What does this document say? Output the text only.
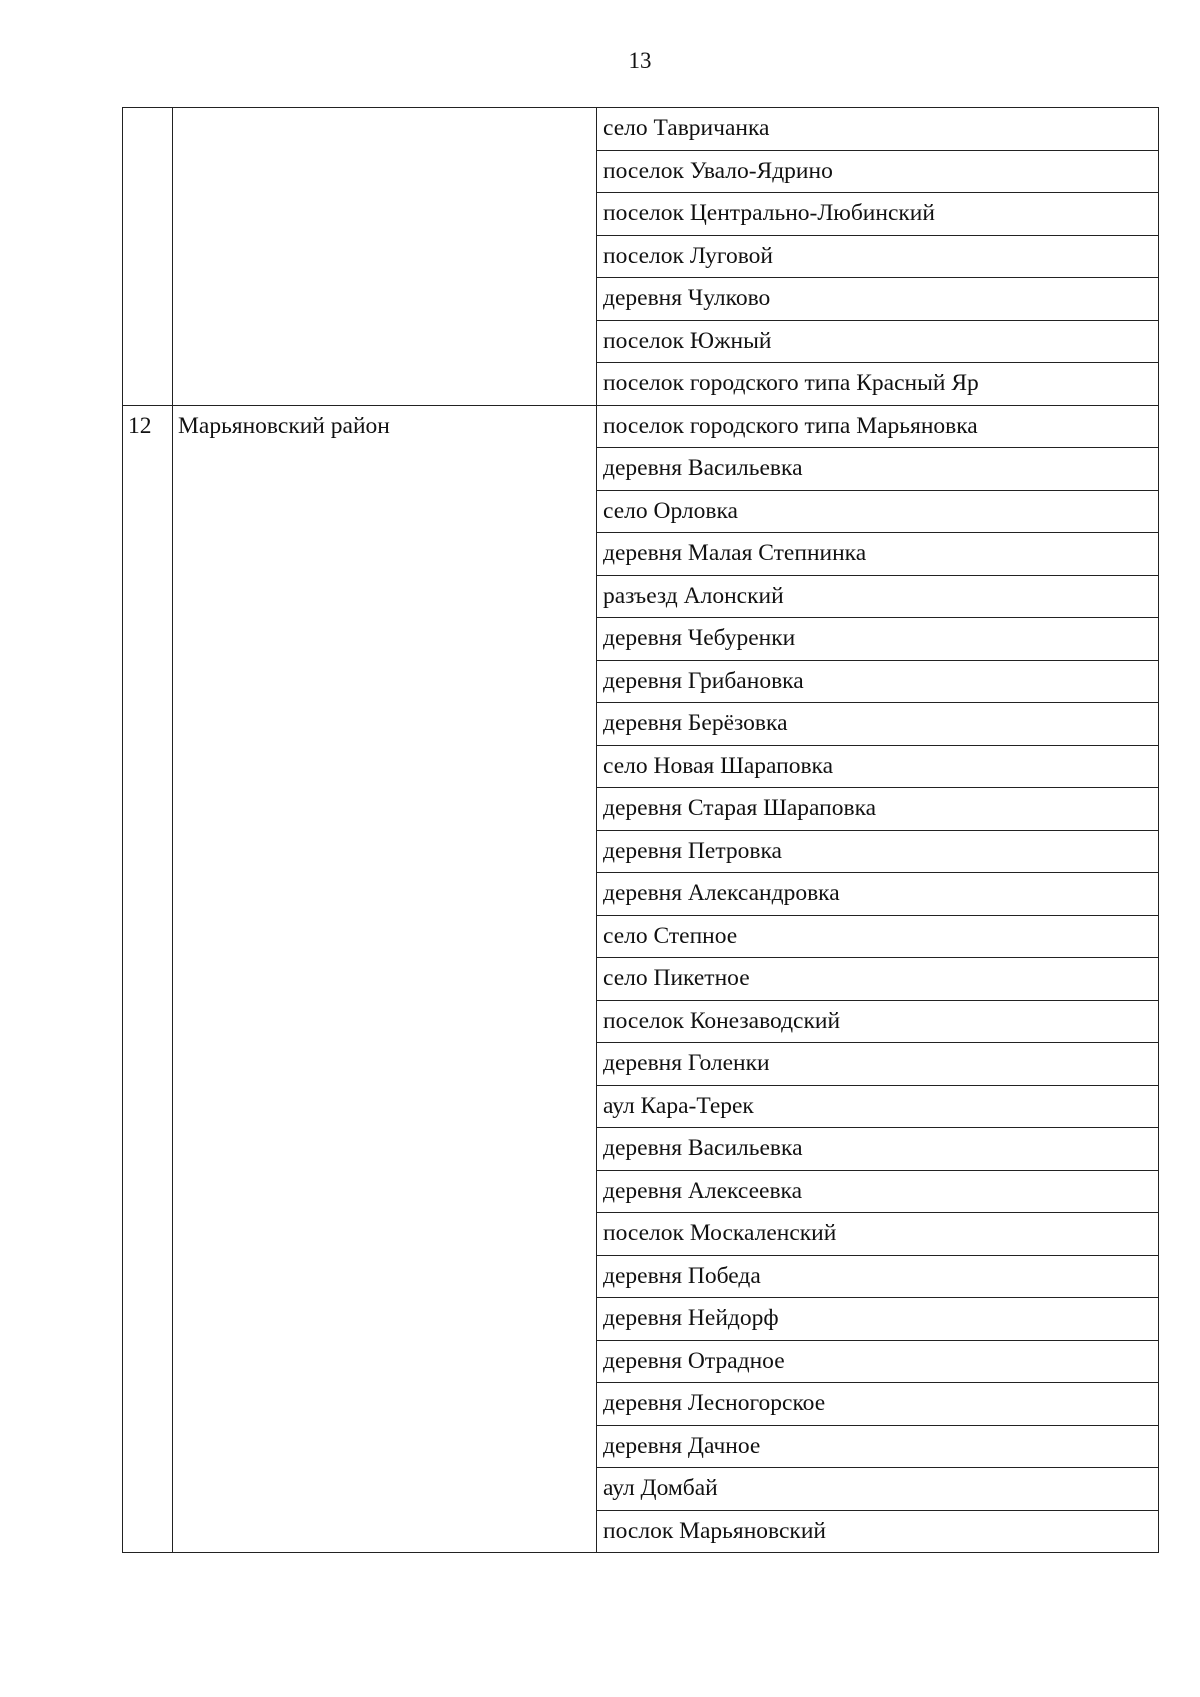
13
		село Тавричанка
		поселок Увало-Ядрино
		поселок Центрально-Любинский
		поселок Луговой
		деревня Чулково
		поселок Южный
		поселок городского типа Красный Яр
12	Марьяновский район	поселок городского типа Марьяновка
		деревня Васильевка
		село Орловка
		деревня Малая Степнинка
		разъезд Алонский
		деревня Чебуренки
		деревня Грибановка
		деревня Берёзовка
		село Новая Шараповка
		деревня Старая Шараповка
		деревня Петровка
		деревня Александровка
		село Степное
		село Пикетное
		поселок Конезаводский
		деревня Голенки
		аул Кара-Терек
		деревня Васильевка
		деревня Алексеевка
		поселок Москаленский
		деревня Победа
		деревня Нейдорф
		деревня Отрадное
		деревня Лесногорское
		деревня Дачное
		аул Домбай
		послок Марьяновский
